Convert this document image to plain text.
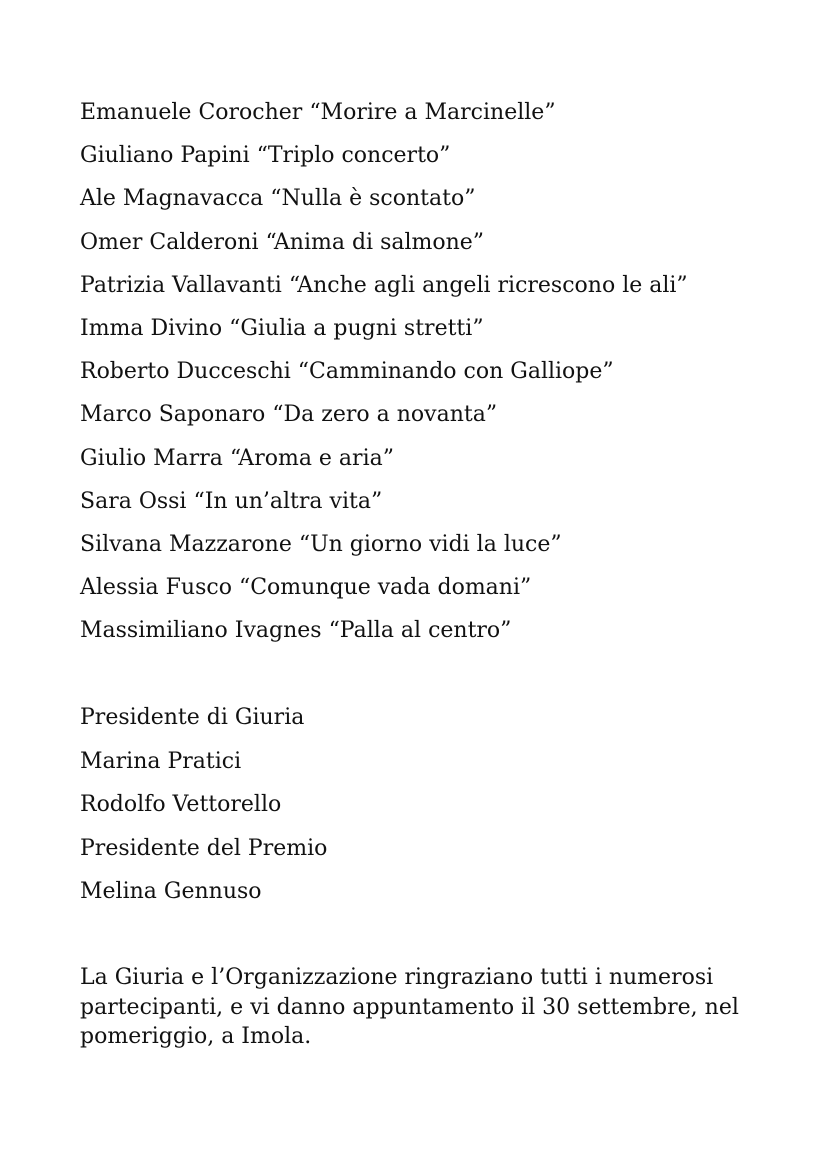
Emanuele Corocher “Morire a Marcinelle”
Giuliano Papini “Triplo concerto”
Ale Magnavacca “Nulla è scontato”
Omer Calderoni “Anima di salmone”
Patrizia Vallavanti “Anche agli angeli ricrescono le ali”
Imma Divino “Giulia a pugni stretti”
Roberto Ducceschi “Camminando con Galliope”
Marco Saponaro “Da zero a novanta”
Giulio Marra “Aroma e aria”
Sara Ossi “In un’altra vita”
Silvana Mazzarone “Un giorno vidi la luce”
Alessia Fusco “Comunque vada domani”
Massimiliano Ivagnes “Palla al centro”
Presidente di Giuria
Marina Pratici
Rodolfo Vettorello
Presidente del Premio
Melina Gennuso

La Giuria e l’Organizzazione ringraziano tutti i numerosi partecipanti, e vi danno appuntamento il 30 settembre, nel pomeriggio, a Imola.
